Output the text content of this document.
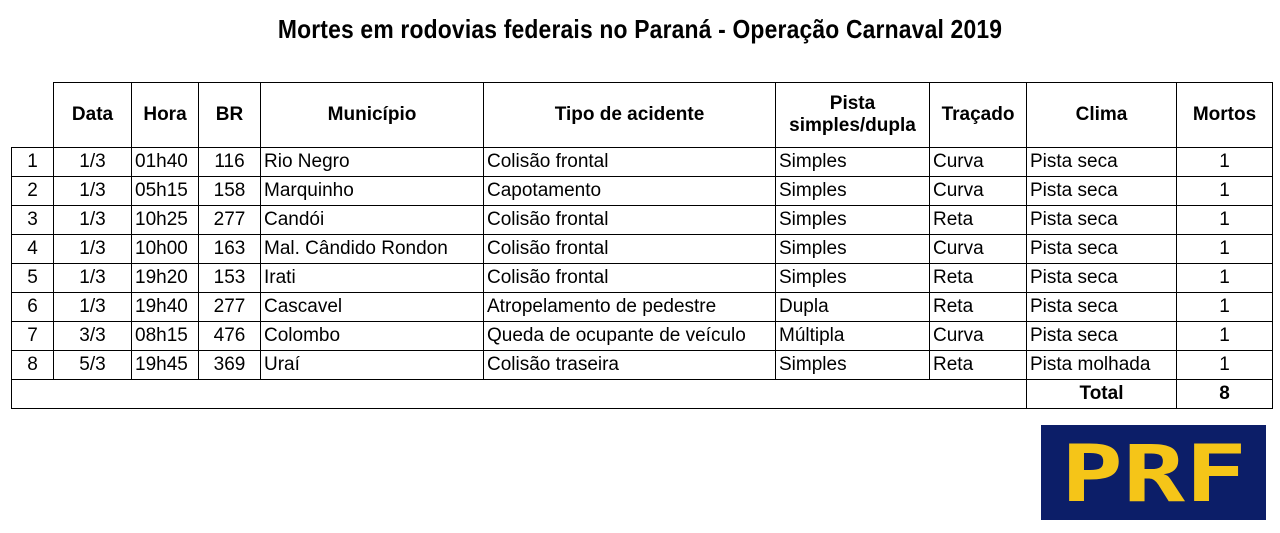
Mortes em rodovias federais no Paraná - Operação Carnaval 2019
	Data	Hora	BR	Município	Tipo de acidente	Pista simples/dupla	Traçado	Clima	Mortos
1	1/3	01h40	116	Rio Negro	Colisão frontal	Simples	Curva	Pista seca	1
2	1/3	05h15	158	Marquinho	Capotamento	Simples	Curva	Pista seca	1
3	1/3	10h25	277	Candói	Colisão frontal	Simples	Reta	Pista seca	1
4	1/3	10h00	163	Mal. Cândido Rondon	Colisão frontal	Simples	Curva	Pista seca	1
5	1/3	19h20	153	Irati	Colisão frontal	Simples	Reta	Pista seca	1
6	1/3	19h40	277	Cascavel	Atropelamento de pedestre	Dupla	Reta	Pista seca	1
7	3/3	08h15	476	Colombo	Queda de ocupante de veículo	Múltipla	Curva	Pista seca	1
8	5/3	19h45	369	Uraí	Colisão traseira	Simples	Reta	Pista molhada	1
								Total	8
PRF
